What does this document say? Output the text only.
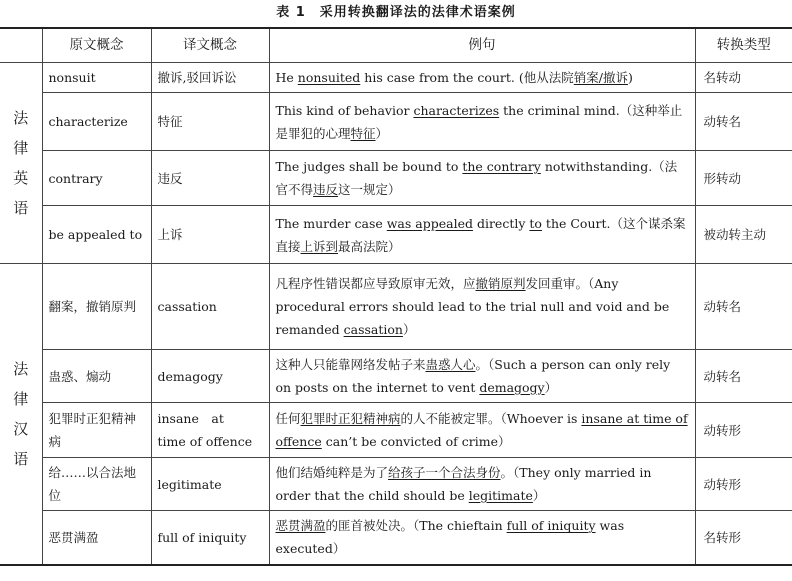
表 1　采用转换翻译法的法律术语案例
	原文概念	译文概念	例句	转换类型

法
律
英
语	nonsuit	撤诉,驳回诉讼	He nonsuited his case from the court. (他从法院销案/撤诉)	名转动
	characterize	特征	This kind of behavior characterizes the criminal mind.（这种举止是罪犯的心理特征）	动转名
	contrary	违反	The judges shall be bound to the contrary notwithstanding.（法官不得违反这一规定）	形转动
	be appealed to	上诉	The murder case was appealed directly to the Court.（这个谋杀案直接上诉到最高法院）	被动转主动

法
律
汉
语	翻案，撤销原判	cassation	凡程序性错误都应导致原审无效，应撤销原判发回重审。（Any procedural errors should lead to the trial null and void and be remanded cassation）	动转名
	蛊惑、煽动	demagogy	这种人只能靠网络发帖子来蛊惑人心。（Such a person can only rely on posts on the internet to vent demagogy）	动转名
	犯罪时正犯精神病	insane　at　time of offence	任何犯罪时正犯精神病的人不能被定罪。（Whoever is insane at time of offence can’t be convicted of crime）	动转形
	给……以合法地位	legitimate	他们结婚纯粹是为了给孩子一个合法身份。（They only married in order that the child should be legitimate）	动转形
	恶贯满盈	full of iniquity	恶贯满盈的匪首被处决。（The chieftain full of iniquity was executed）	名转形
